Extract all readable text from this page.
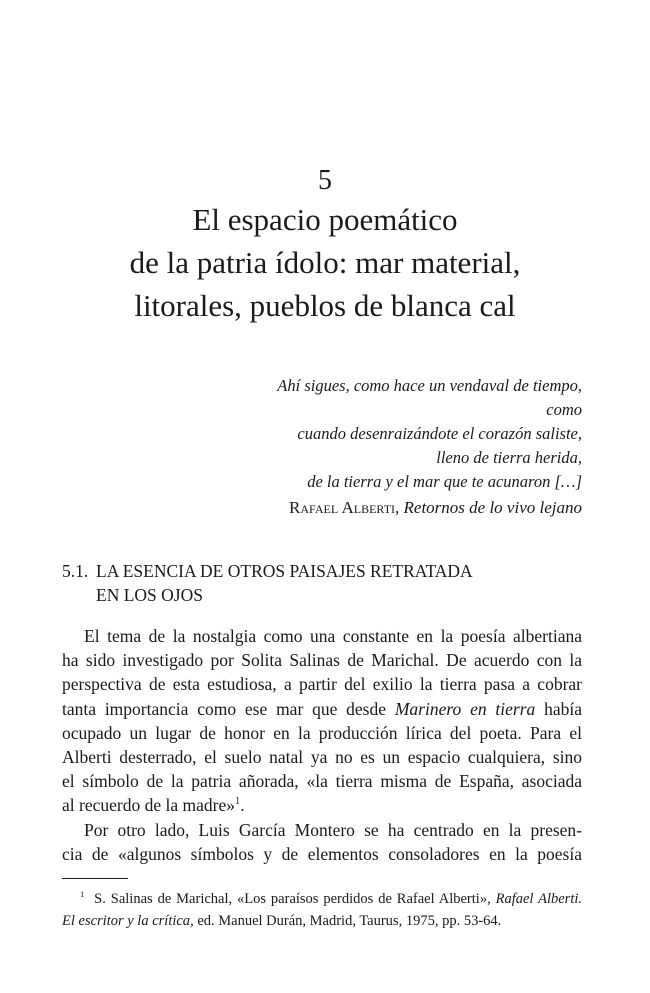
5
El espacio poemático
de la patria ídolo: mar material,
litorales, pueblos de blanca cal
Ahí sigues, como hace un vendaval de tiempo,
como
cuando desenraizándote el corazón saliste,
lleno de tierra herida,
de la tierra y el mar que te acunaron […]
Rafael Alberti, Retornos de lo vivo lejano
5.1. LA ESENCIA DE OTROS PAISAJES RETRATADA
EN LOS OJOS
El tema de la nostalgia como una constante en la poesía albertiana
ha sido investigado por Solita Salinas de Marichal. De acuerdo con la
perspectiva de esta estudiosa, a partir del exilio la tierra pasa a cobrar
tanta importancia como ese mar que desde Marinero en tierra había
ocupado un lugar de honor en la producción lírica del poeta. Para el
Alberti desterrado, el suelo natal ya no es un espacio cualquiera, sino
el símbolo de la patria añorada, «la tierra misma de España, asociada
al recuerdo de la madre»$^1$.
Por otro lado, Luis García Montero se ha centrado en la presen-
cia de «algunos símbolos y de elementos consoladores en la poesía
$^1$ S. Salinas de Marichal, «Los paraísos perdidos de Rafael Alberti», Rafael Alberti.
El escritor y la crítica, ed. Manuel Durán, Madrid, Taurus, 1975, pp. 53-64.
